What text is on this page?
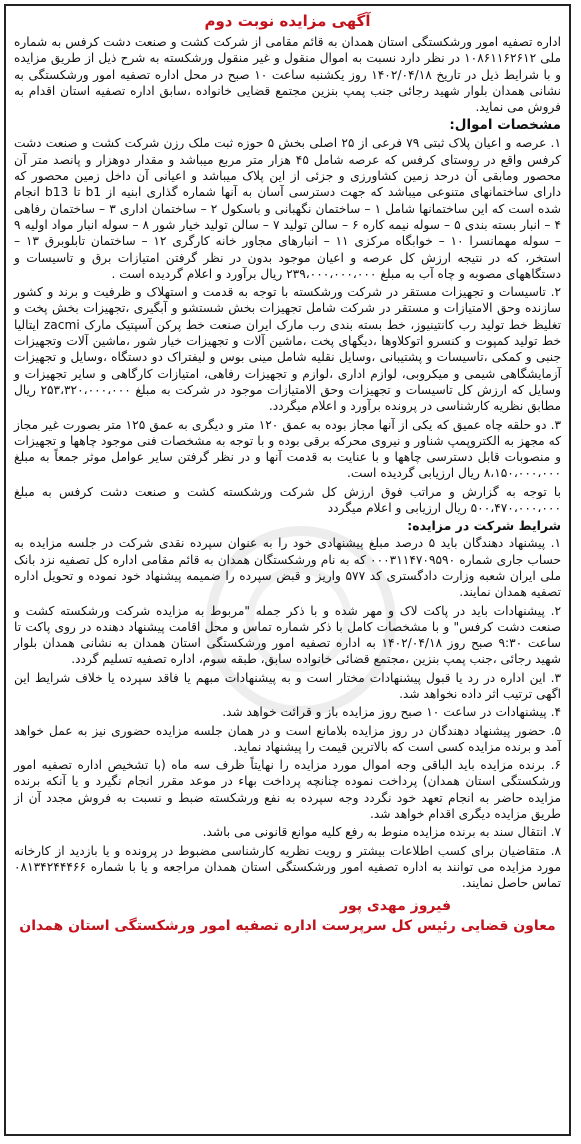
آگهی مزایده نوبت دوم

اداره تصفیه امور ورشکستگی استان همدان به قائم مقامی از شرکت کشت و صنعت دشت کرفس به شماره ملی ۱۰۸۶۱۱۶۲۶۱۲ در نظر دارد نسبت به اموال منقول و غیر منقول ورشکسته به شرح ذیل از طریق مزایده و با شرایط ذیل در تاریخ ۱۴۰۲/۰۴/۱۸ روز یکشنبه ساعت ۱۰ صبح در محل اداره تصفیه امور ورشکستگی به نشانی همدان بلوار شهید رجائی جنب پمپ بنزین مجتمع قضایی خانواده ،سابق اداره تصفیه استان اقدام به فروش می نماید.

مشخصات اموال:

۱. عرصه و اعیان پلاک ثبتی ۷۹ فرعی از ۲۵ اصلی بخش ۵ حوزه ثبت ملک رزن شرکت کشت و صنعت دشت کرفس واقع در روستای کرفس که عرصه شامل ۴۵ هزار متر مربع میباشد و مقدار دوهزار و پانصد متر آن محصور ومابقی آن درحد زمین کشاورزی و جزئی از این پلاک میباشد و اعیانی آن داخل زمین محصور که دارای ساختمانهای متنوعی میباشد که جهت دسترسی آسان به آنها شماره گذاری ابنیه از b1 تا b13 انجام شده است که این ساختمانها شامل ۱ – ساختمان نگهبانی و باسکول ۲ – ساختمان اداری ۳ – ساختمان رفاهی ۴ – انبار بسته بندی ۵ – سوله نیمه کاره ۶ – سالن تولید ۷ – سالن تولید خیار شور ۸ – سوله انبار مواد اولیه ۹ – سوله مهمانسرا ۱۰ – خوابگاه مرکزی ۱۱ – انبارهای مجاور خانه کارگری ۱۲ – ساختمان تابلوبرق ۱۳ – استخر، که در نتیجه ارزش کل عرصه و اعیان موجود بدون در نظر گرفتن امتیازات برق و تاسیسات و دستگاههای مصوبه و چاه آب به مبلغ ۲۳۹،۰۰۰،۰۰۰،۰۰۰ ریال برآورد و اعلام گردیده است .

۲. تاسیسات و تجهیزات مستقر در شرکت ورشکسته با توجه به قدمت و استهلاک و ظرفیت و برند و کشور سازنده وحق الامتیازات و مستقر در شرکت شامل تجهیزات بخش شستشو و آبگیری ،تجهیزات بخش پخت و تغلیظ خط تولید رب کانتینیوز، خط بسته بندی رب مارک ایران صنعت خط پرکن آسپتیک مارک zacmi ایتالیا خط تولید کمپوت و کنسرو اتوکلاوها ،دیگهای پخت ،ماشین آلات و تجهیزات خیار شور ،ماشین آلات وتجهیزات جنبی و کمکی ،تاسیسات و پشتیبانی ،وسایل نقلیه شامل مینی بوس و لیفتراک دو دستگاه ،وسایل و تجهیزات آزمایشگاهی شیمی و میکروبی، لوازم اداری ،لوازم و تجهیزات رفاهی، امتیازات کارگاهی و سایر تجهیزات و وسایل که ارزش کل تاسیسات و تجهیزات وحق الامتیازات موجود در شرکت به مبلغ ۲۵۳،۳۲۰،۰۰۰،۰۰۰ ریال مطابق نظریه کارشناسی در پرونده برآورد و اعلام میگردد.

۳. دو حلقه چاه عمیق که یکی از آنها مجاز بوده به عمق ۱۲۰ متر و دیگری به عمق ۱۲۵ متر بصورت غیر مجاز که مجهز به الکتروپمپ شناور و نیروی محرکه برقی بوده و با توجه به مشخصات فنی موجود چاهها و تجهیزات و منصوبات قابل دسترسی چاهها و با عنایت به قدمت آنها و در نظر گرفتن سایر عوامل موثر جمعاً به مبلغ ۸،۱۵۰،۰۰۰،۰۰۰ ریال ارزیابی گردیده است.

با توجه به گزارش و مراتب فوق ارزش کل شرکت ورشکسته کشت و صنعت دشت کرفس به مبلغ ۵۰۰،۴۷۰،۰۰۰،۰۰۰ ریال ارزیابی و اعلام میگردد

شرایط شرکت در مزایده:

۱. پیشنهاد دهندگان باید ۵ درصد مبلغ پیشنهادی خود را به عنوان سپرده نقدی شرکت در جلسه مزایده به حساب جاری شماره ۰۰۰۳۱۱۴۷۰۹۵۹۰ که به نام ورشکستگان همدان به قائم مقامی اداره کل تصفیه نزد بانک ملی ایران شعبه وزارت دادگستری کد ۵۷۷ واریز و قبض سپرده را ضمیمه پیشنهاد خود نموده و تحویل اداره تصفیه همدان نمایند.

۲. پیشنهادات باید در پاکت لاک و مهر شده و با ذکر جمله "مربوط به مزایده شرکت ورشکسته کشت و صنعت دشت کرفس" و با مشخصات کامل با ذکر شماره تماس و محل اقامت پیشنهاد دهنده در روی پاکت تا ساعت ۹:۳۰ صبح روز ۱۴۰۲/۰۴/۱۸ به اداره تصفیه امور ورشکستگی استان همدان به نشانی همدان بلوار شهید رجائی ،جنب پمپ بنزین ،مجتمع قضائی خانواده سابق، طبقه سوم، اداره تصفیه تسلیم گردد.

۳. این اداره در رد یا قبول پیشنهادات مختار است و به پیشنهادات مبهم یا فاقد سپرده یا خلاف شرایط این اگهی ترتیب اثر داده نخواهد شد.

۴. پیشنهادات در ساعت ۱۰ صبح روز مزایده باز و قرائت خواهد شد.

۵. حضور پیشنهاد دهندگان در روز مزایده بلامانع است و در همان جلسه مزایده حضوری نیز به عمل خواهد آمد و برنده مزایده کسی است که بالاترین قیمت را پیشنهاد نماید.

۶. برنده مزایده باید الباقی وجه اموال مورد مزایده را نهایتاً ظرف سه ماه (با تشخیص اداره تصفیه امور ورشکستگی استان همدان) پرداخت نموده چنانچه پرداخت بهاء در موعد مقرر انجام نگیرد و یا آنکه برنده مزایده حاضر به انجام تعهد خود نگردد وجه سپرده به نفع ورشکسته ضبط و نسبت به فروش مجدد آن از طریق مزایده دیگری اقدام خواهد شد.

۷. انتقال سند به برنده مزایده منوط به رفع کلیه موانع قانونی می باشد.

۸. متقاضیان برای کسب اطلاعات بیشتر و رویت نظریه کارشناسی مضبوط در پرونده و یا بازدید از کارخانه مورد مزایده می توانند به اداره تصفیه امور ورشکستگی استان همدان مراجعه و یا با شماره ۰۸۱۳۴۲۴۴۴۶۶ تماس حاصل نمایند.

فیروز مهدی پور
معاون قضایی رئیس کل سرپرست اداره تصفیه امور ورشکستگی استان همدان
